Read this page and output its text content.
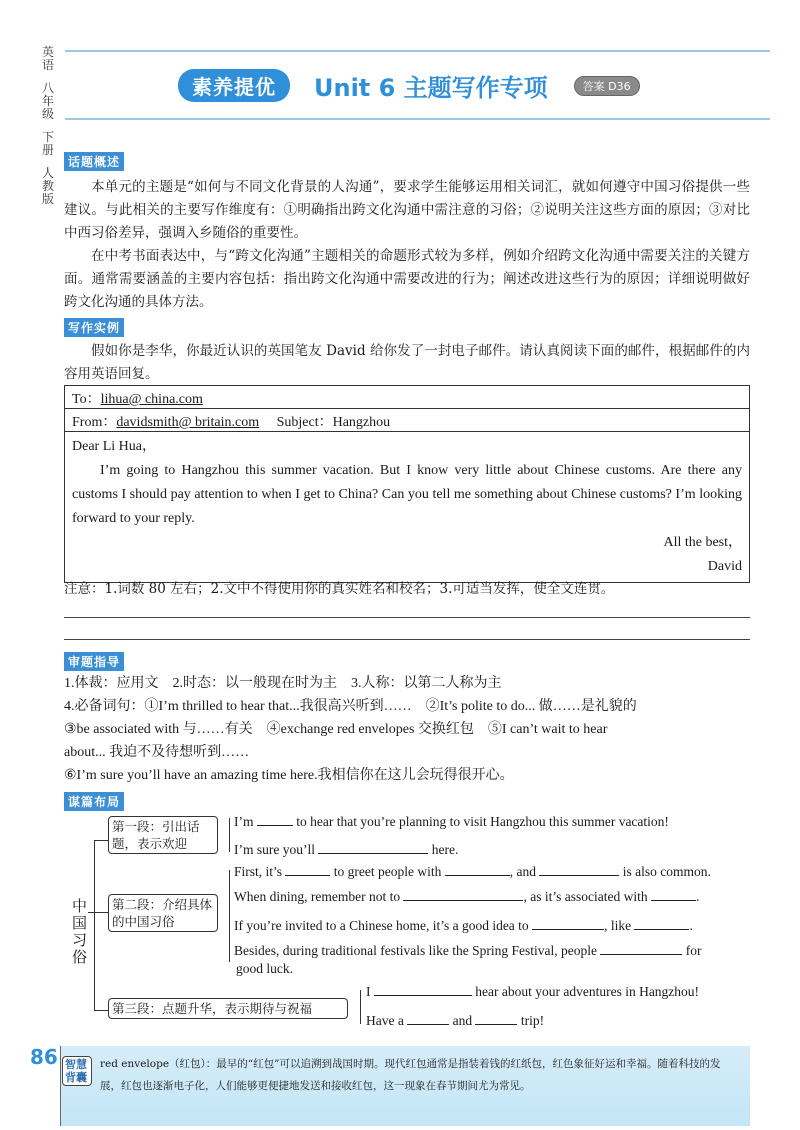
英语
八年级
下册
人教版
素养提优	Unit 6 主题写作专项	答案 D36
话题概述
本单元的主题是“如何与不同文化背景的人沟通”，要求学生能够运用相关词汇，就如何遵守中国习俗提供一些建议。与此相关的主要写作维度有：①明确指出跨文化沟通中需注意的习俗；②说明关注这些方面的原因；③对比中西习俗差异，强调入乡随俗的重要性。
在中考书面表达中，与“跨文化沟通”主题相关的命题形式较为多样，例如介绍跨文化沟通中需要关注的关键方面。通常需要涵盖的主要内容包括：指出跨文化沟通中需要改进的行为；阐述改进这些行为的原因；详细说明做好跨文化沟通的具体方法。
写作实例
假如你是李华，你最近认识的英国笔友 David 给你发了一封电子邮件。请认真阅读下面的邮件，根据邮件的内容用英语回复。
To：lihua@ china.com
From：davidsmith@ britain.com Subject：Hangzhou
Dear Li Hua，
I’m going to Hangzhou this summer vacation. But I know very little about Chinese customs. Are there any customs I should pay attention to when I get to China? Can you tell me something about Chinese customs? I’m looking forward to your reply.
All the best，
David
注意：1.词数 80 左右；2.文中不得使用你的真实姓名和校名；3.可适当发挥，使全文连贯。
审题指导
1.体裁：应用文　2.时态：以一般现在时为主　3.人称：以第二人称为主
4.必备词句：①I’m thrilled to hear that...我很高兴听到……　②It’s polite to do... 做……是礼貌的
③be associated with 与……有关　④exchange red envelopes 交换红包　⑤I can’t wait to hear
about... 我迫不及待想听到……
⑥I’m sure you’ll have an amazing time here.我相信你在这儿会玩得很开心。
谋篇布局
中国习俗
第一段：引出话题，表示欢迎
I’m	to hear that you’re planning to visit Hangzhou this summer vacation!
I’m sure you’ll	here.
第二段：介绍具体的中国习俗
First, it’s	to greet people with	, and	is also common.
When dining, remember not to	, as it’s associated with	.
If you’re invited to a Chinese home, it’s a good idea to	, like	.
Besides, during traditional festivals like the Spring Festival, people	for
good luck.
第三段：点题升华，表示期待与祝福
I	hear about your adventures in Hangzhou!
Have a	and	trip!
86 智慧背囊
red envelope（红包）：最早的“红包”可以追溯到战国时期。现代红包通常是指装着钱的红纸包，红色象征好运和幸福。随着科技的发展，红包也逐渐电子化，人们能够更便捷地发送和接收红包，这一现象在春节期间尤为常见。
